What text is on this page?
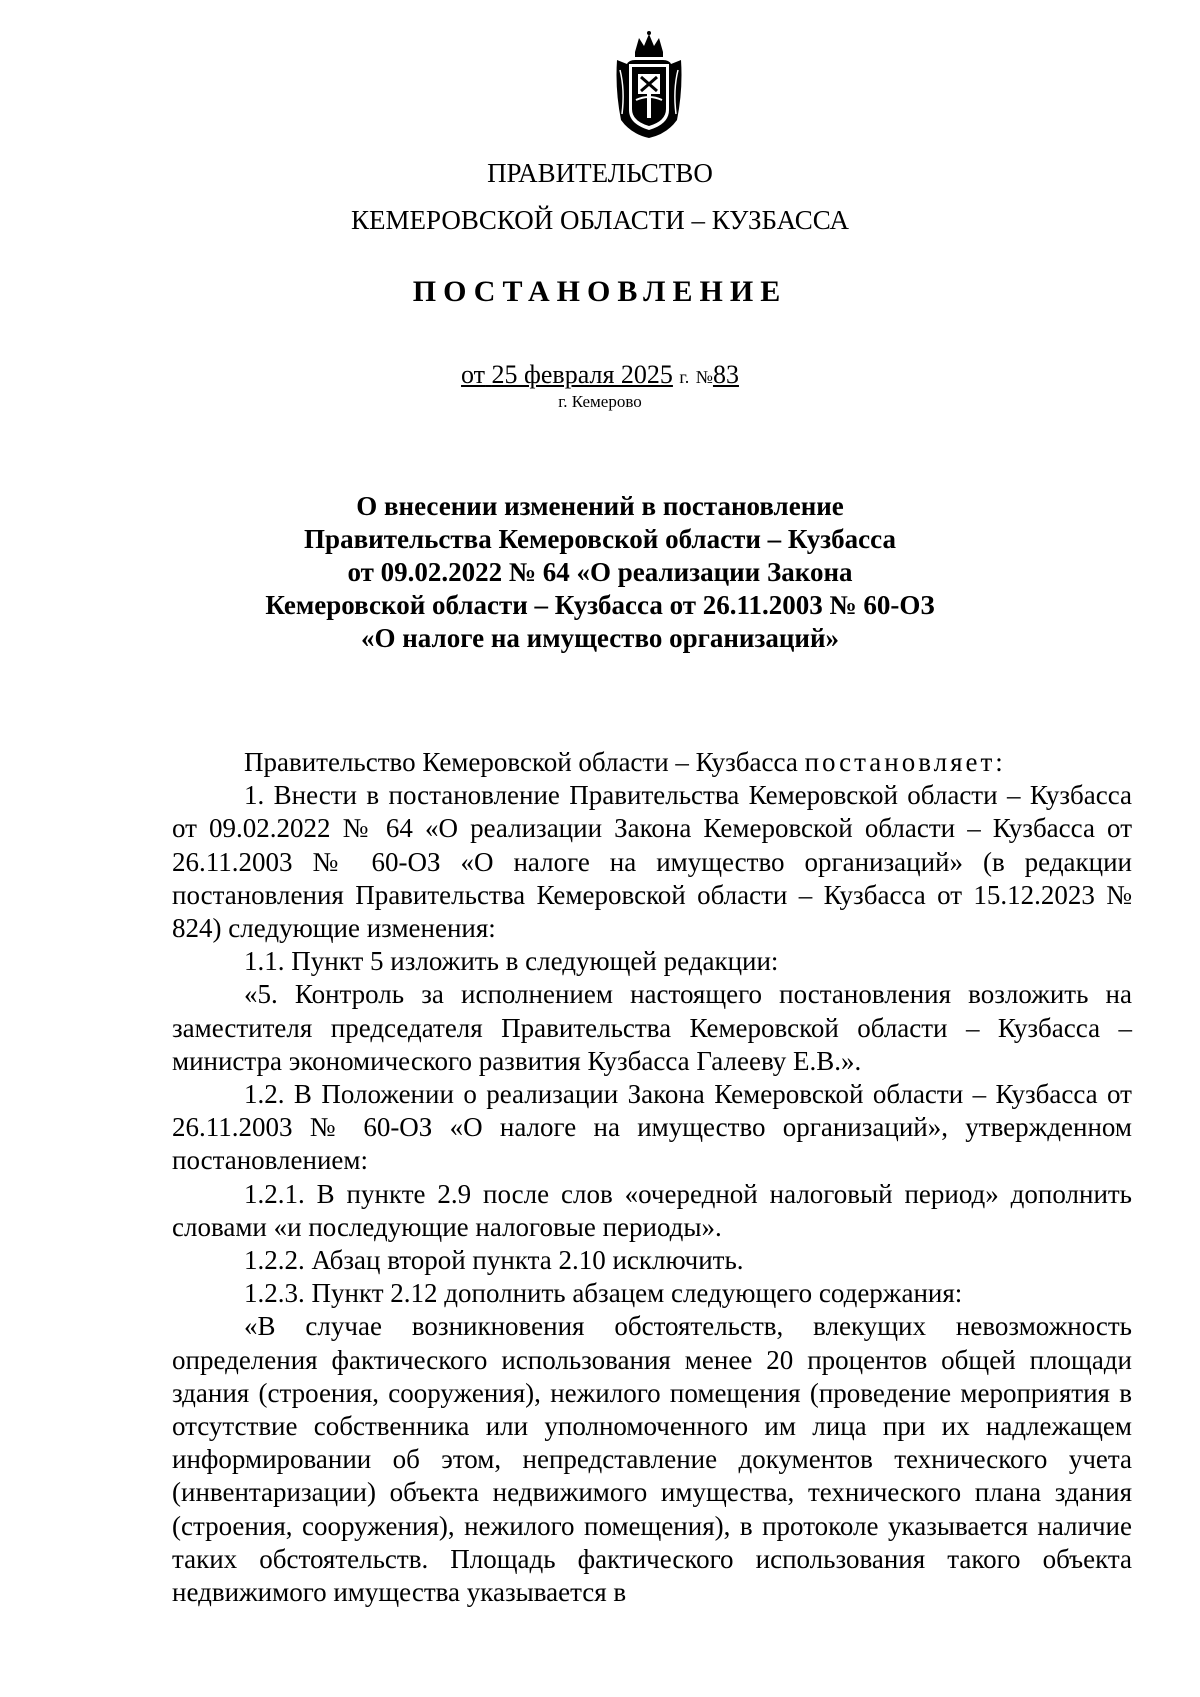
ПРАВИТЕЛЬСТВО
КЕМЕРОВСКОЙ ОБЛАСТИ – КУЗБАССА
ПОСТАНОВЛЕНИЕ
от 25 февраля 2025 г. №83
г. Кемерово
О внесении изменений в постановление
Правительства Кемеровской области – Кузбасса
от 09.02.2022 № 64 «О реализации Закона
Кемеровской области – Кузбасса от 26.11.2003 № 60-ОЗ
«О налоге на имущество организаций»

Правительство Кемеровской области – Кузбасса постановляет:

1. Внести в постановление Правительства Кемеровской области – Кузбасса от 09.02.2022 № 64 «О реализации Закона Кемеровской области – Кузбасса от 26.11.2003 № 60-ОЗ «О налоге на имущество организаций» (в редакции постановления Правительства Кемеровской области – Кузбасса от 15.12.2023 № 824) следующие изменения:

1.1. Пункт 5 изложить в следующей редакции:

«5. Контроль за исполнением настоящего постановления возложить на заместителя председателя Правительства Кемеровской области – Кузбасса – министра экономического развития Кузбасса Галееву Е.В.».

1.2. В Положении о реализации Закона Кемеровской области – Кузбасса от 26.11.2003 № 60-ОЗ «О налоге на имущество организаций», утвержденном постановлением:

1.2.1. В пункте 2.9 после слов «очередной налоговый период» дополнить словами «и последующие налоговые периоды».

1.2.2. Абзац второй пункта 2.10 исключить.

1.2.3. Пункт 2.12 дополнить абзацем следующего содержания:

«В случае возникновения обстоятельств, влекущих невозможность определения фактического использования менее 20 процентов общей площади здания (строения, сооружения), нежилого помещения (проведение мероприятия в отсутствие собственника или уполномоченного им лица при их надлежащем информировании об этом, непредставление документов технического учета (инвентаризации) объекта недвижимого имущества, технического плана здания (строения, сооружения), нежилого помещения), в протоколе указывается наличие таких обстоятельств. Площадь фактического использования такого объекта недвижимого имущества указывается в
